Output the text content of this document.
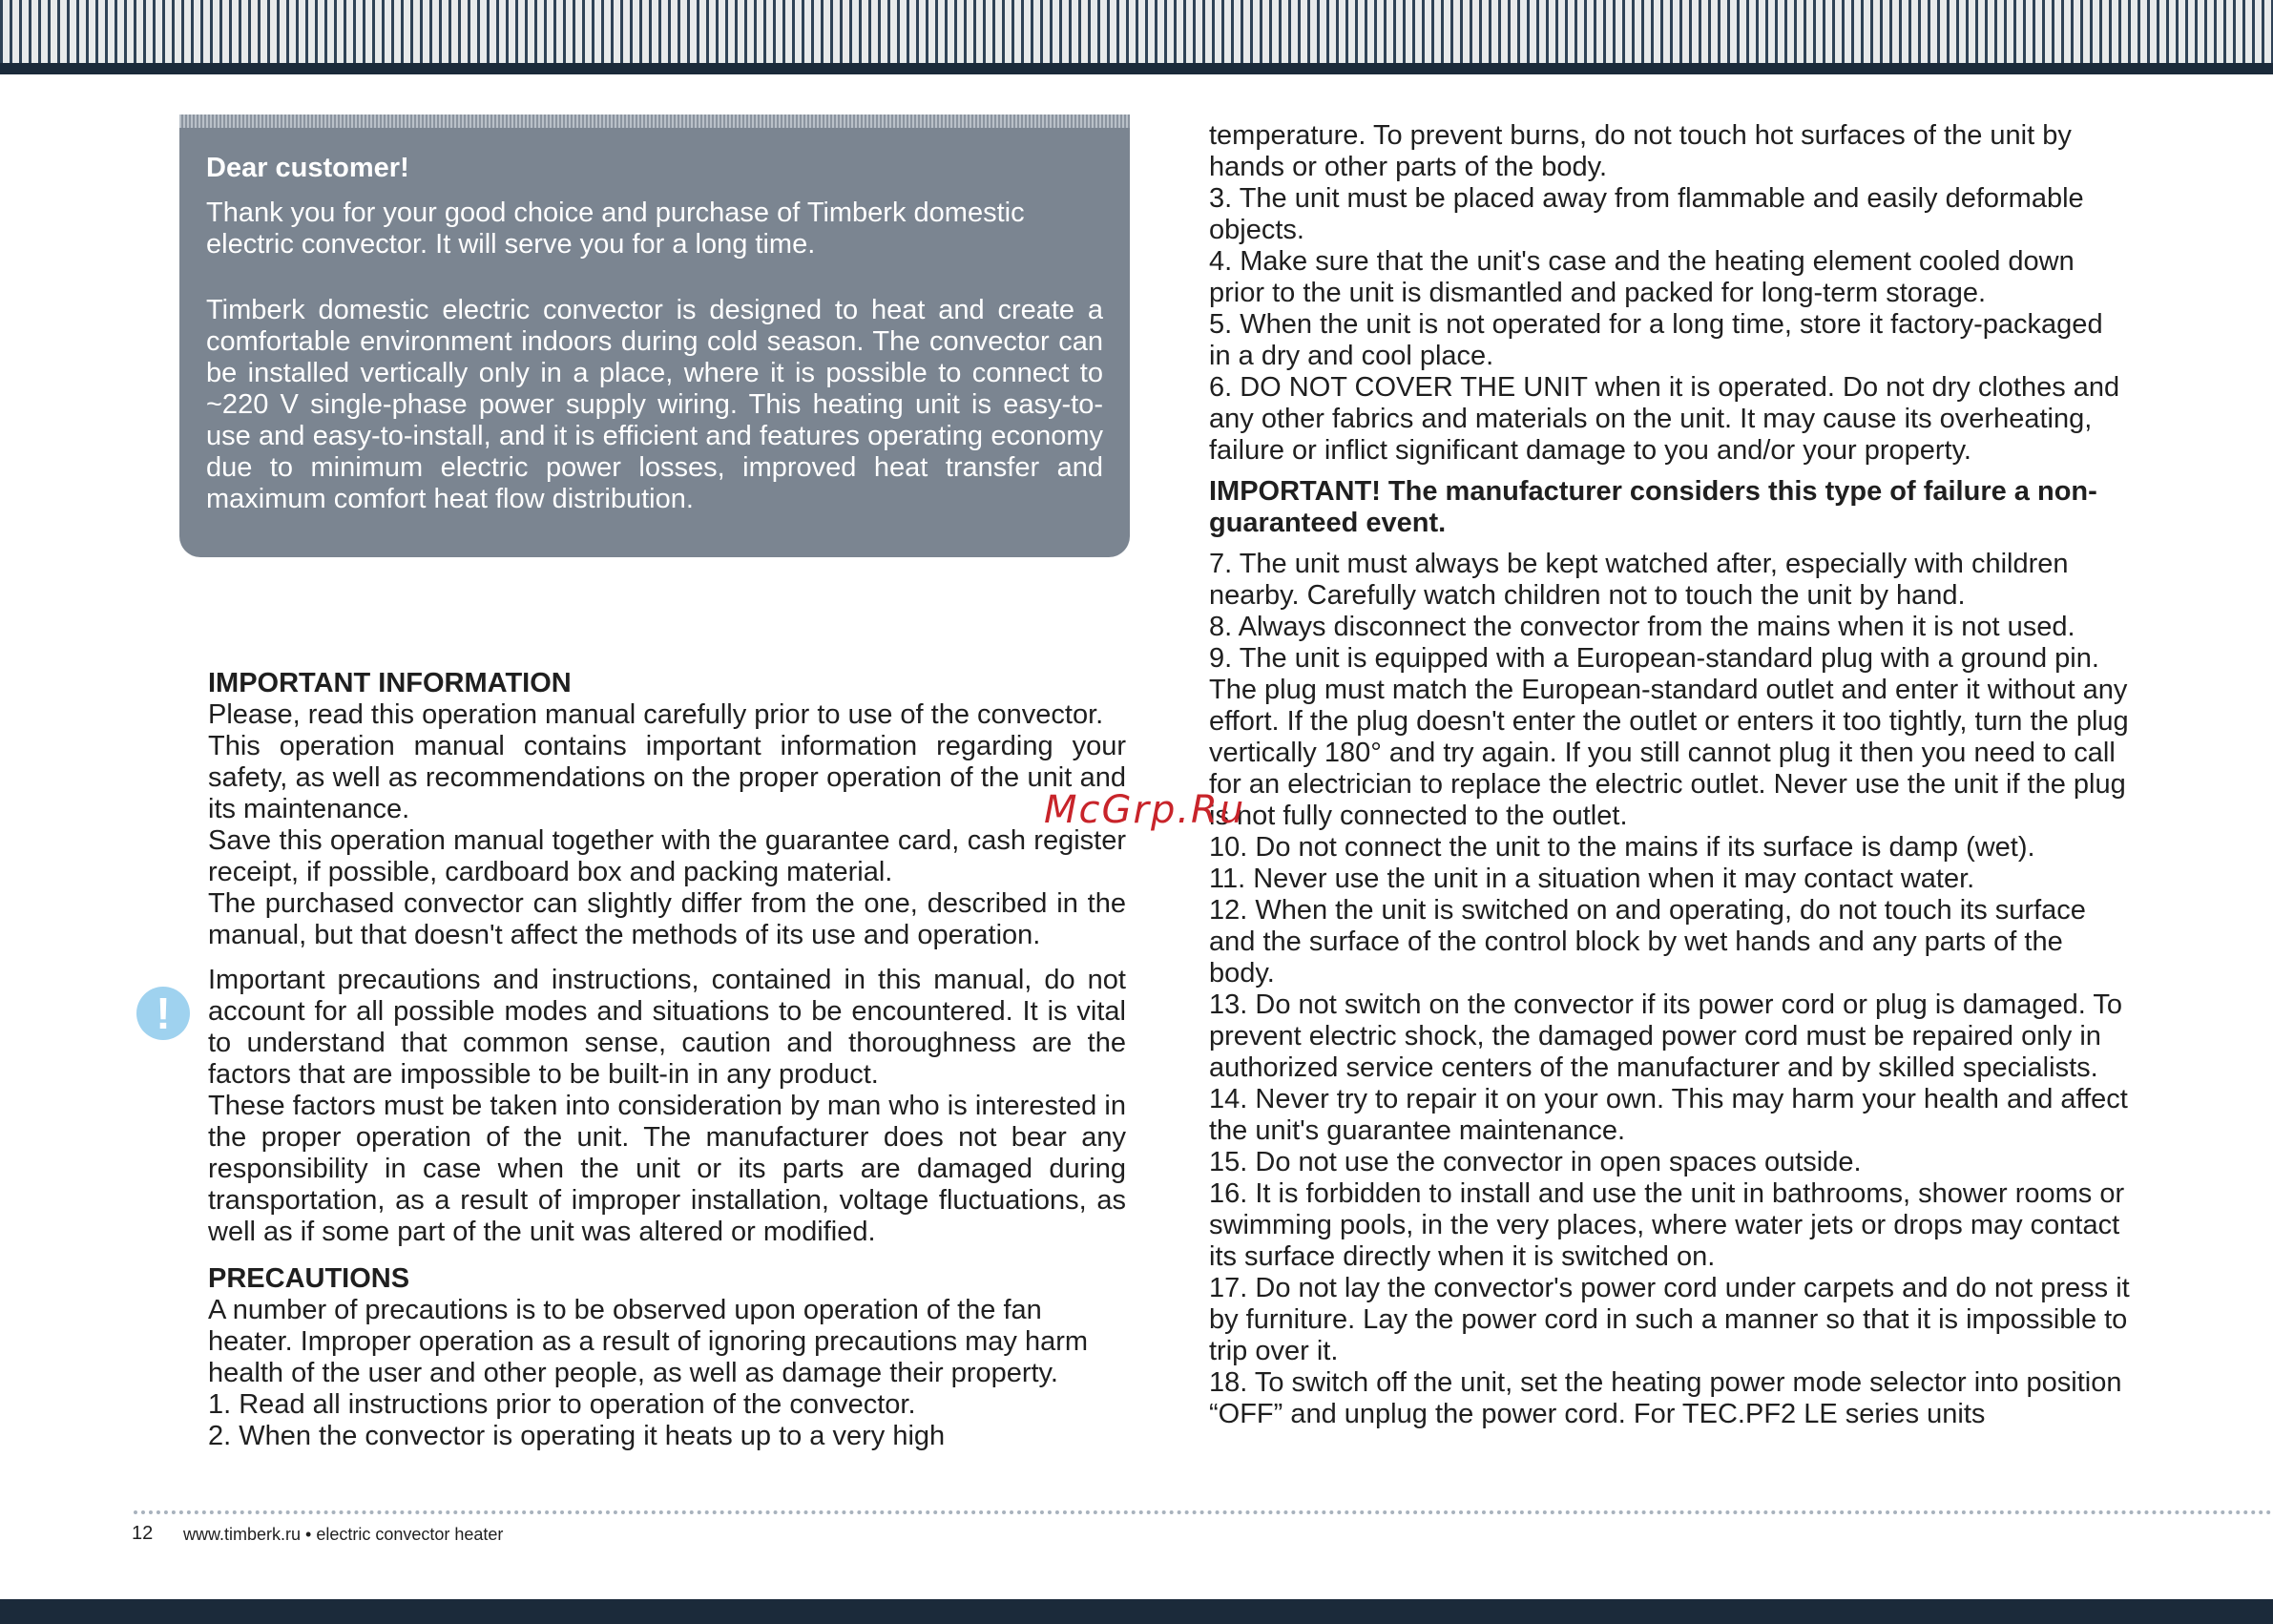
Dear customer!

Thank you for your good choice and purchase of Timberk domestic electric convector. It will serve you for a long time.

Timberk domestic electric convector is designed to heat and create a comfortable environment indoors during cold season. The convector can be installed vertically only in a place, where it is possible to connect to ~220 V single-phase power supply wiring. This heating unit is easy-to-use and easy-to-install, and it is efficient and features operating economy due to minimum electric power losses, improved heat transfer and maximum comfort heat flow distribution.

IMPORTANT INFORMATION

Please, read this operation manual carefully prior to use of the convector.

This operation manual contains important information regarding your safety, as well as recommendations on the proper operation of the unit and its maintenance.

Save this operation manual together with the guarantee card, cash register receipt, if possible, cardboard box and packing material.

The purchased convector can slightly differ from the one, described in the manual, but that doesn't affect the methods of its use and operation.

Important precautions and instructions, contained in this manual, do not account for all possible modes and situations to be encountered. It is vital to understand that common sense, caution and thoroughness are the factors that are impossible to be built-in in any product.

These factors must be taken into consideration by man who is interested in the proper operation of the unit. The manufacturer does not bear any responsibility in case when the unit or its parts are damaged during transportation, as a result of improper installation, voltage fluctuations, as well as if some part of the unit was altered or modified.

PRECAUTIONS

A number of precautions is to be observed upon operation of the fan heater. Improper operation as a result of ignoring precautions may harm health of the user and other people, as well as damage their property.

1. Read all instructions prior to operation of the convector.

2. When the convector is operating it heats up to a very high

!

temperature. To prevent burns, do not touch hot surfaces of the unit by hands or other parts of the body.

3. The unit must be placed away from flammable and easily deformable objects.

4. Make sure that the unit's case and the heating element cooled down prior to the unit is dismantled and packed for long-term storage.

5. When the unit is not operated for a long time, store it factory-packaged in a dry and cool place.

6. DO NOT COVER THE UNIT when it is operated. Do not dry clothes and any other fabrics and materials on the unit. It may cause its overheating, failure or inflict significant damage to you and/or your property.

IMPORTANT! The manufacturer considers this type of failure a non-guaranteed event.

7. The unit must always be kept watched after, especially with children nearby. Carefully watch children not to touch the unit by hand.

8. Always disconnect the convector from the mains when it is not used.

9. The unit is equipped with a European-standard plug with a ground pin. The plug must match the European-standard outlet and enter it without any effort. If the plug doesn't enter the outlet or enters it too tightly, turn the plug vertically 180° and try again. If you still cannot plug it then you need to call for an electrician to replace the electric outlet. Never use the unit if the plug is not fully connected to the outlet.

10. Do not connect the unit to the mains if its surface is damp (wet).

11. Never use the unit in a situation when it may contact water.

12. When the unit is switched on and operating, do not touch its surface and the surface of the control block by wet hands and any parts of the body.

13. Do not switch on the convector if its power cord or plug is damaged. To prevent electric shock, the damaged power cord must be repaired only in authorized service centers of the manufacturer and by skilled specialists.

14. Never try to repair it on your own. This may harm your health and affect the unit's guarantee maintenance.

15. Do not use the convector in open spaces outside.

16. It is forbidden to install and use the unit in bathrooms, shower rooms or swimming pools, in the very places, where water jets or drops may contact its surface directly when it is switched on.

17. Do not lay the convector's power cord under carpets and do not press it by furniture. Lay the power cord in such a manner so that it is impossible to trip over it.

18. To switch off the unit, set the heating power mode selector into position “OFF” and unplug the power cord. For TEC.PF2 LE series units

McGrp.Ru
12 www.timberk.ru • electric convector heater
